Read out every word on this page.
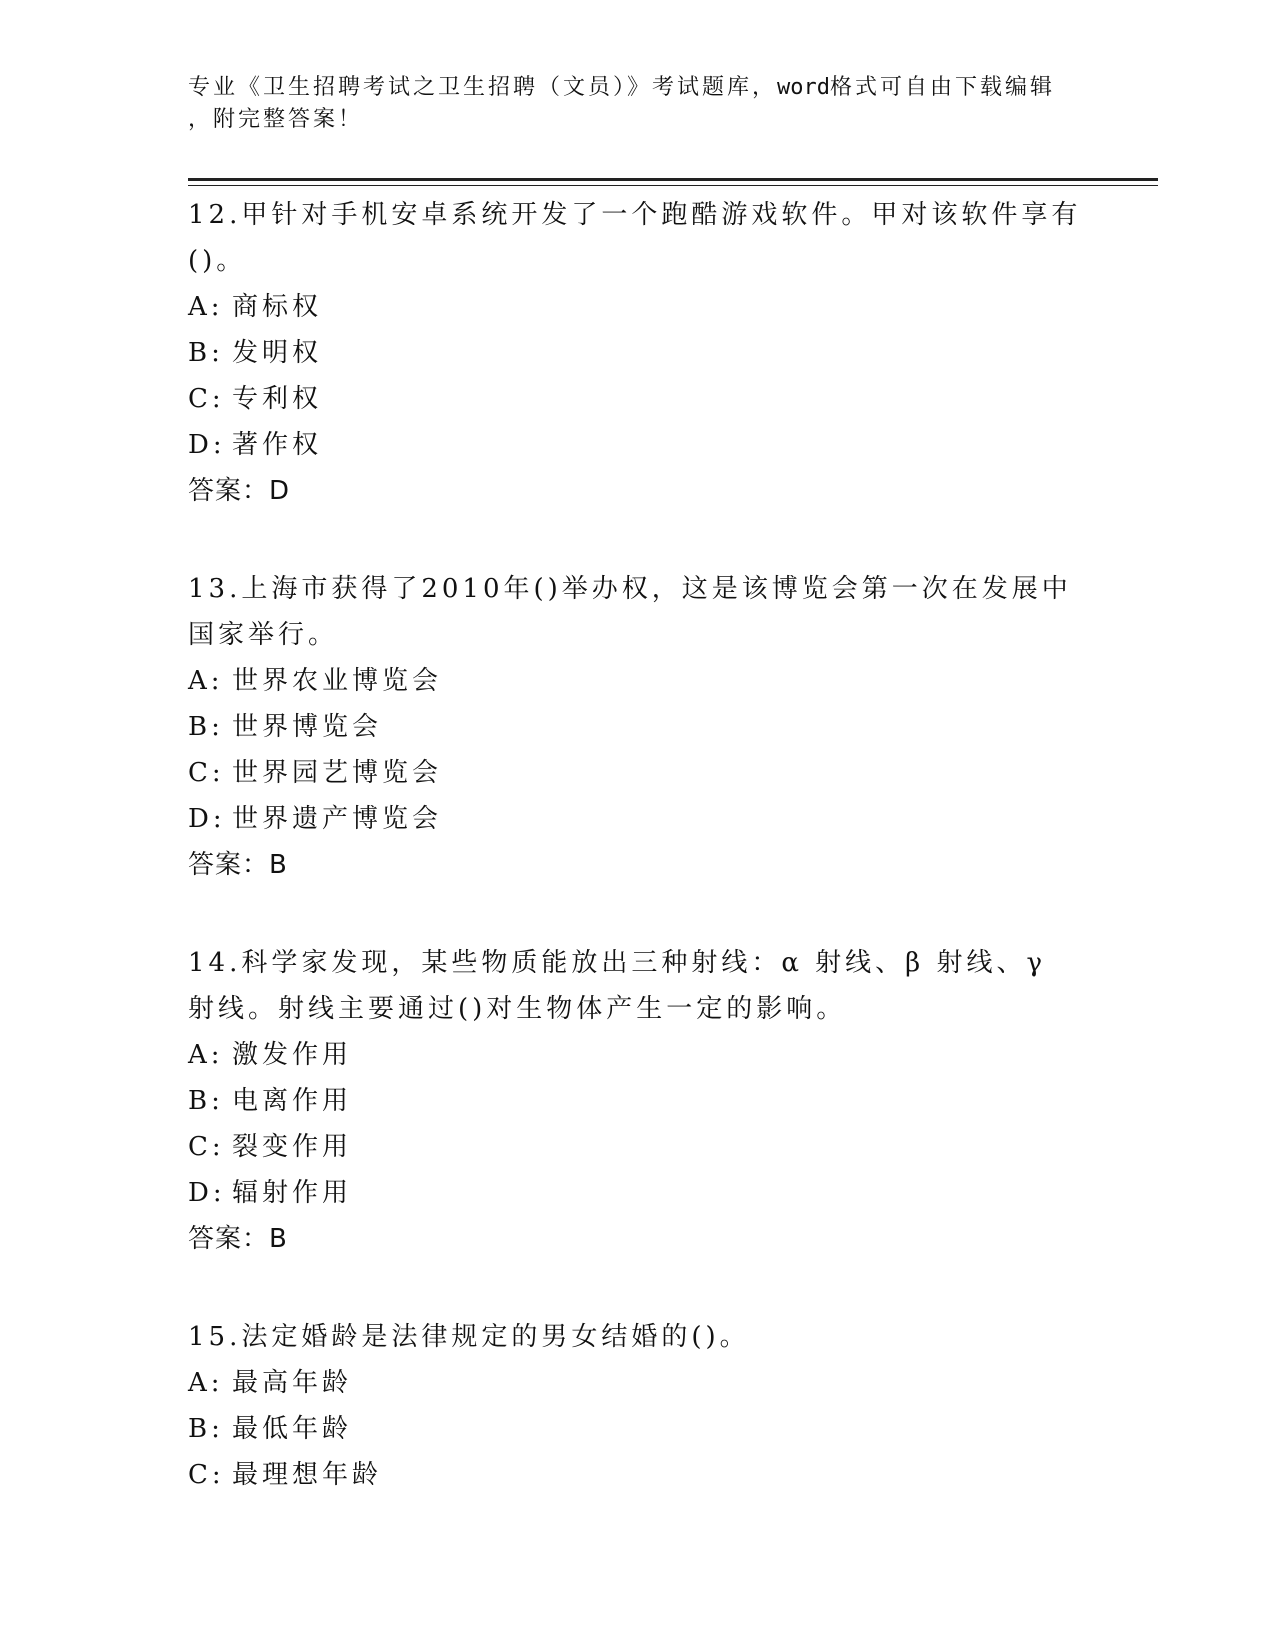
专业《卫生招聘考试之卫生招聘（文员）》考试题库，word格式可自由下载编辑
，附完整答案！

12.甲针对手机安卓系统开发了一个跑酷游戏软件。甲对该软件享有()。

A: 商标权

B: 发明权

C: 专利权

D: 著作权

答案：D

13.上海市获得了2010年()举办权，这是该博览会第一次在发展中国家举行。

A: 世界农业博览会

B: 世界博览会

C: 世界园艺博览会

D: 世界遗产博览会

答案：B

14.科学家发现，某些物质能放出三种射线：α 射线、β 射线、γ 射线。射线主要通过()对生物体产生一定的影响。

A: 激发作用

B: 电离作用

C: 裂变作用

D: 辐射作用

答案：B

15.法定婚龄是法律规定的男女结婚的()。

A: 最高年龄

B: 最低年龄

C: 最理想年龄
